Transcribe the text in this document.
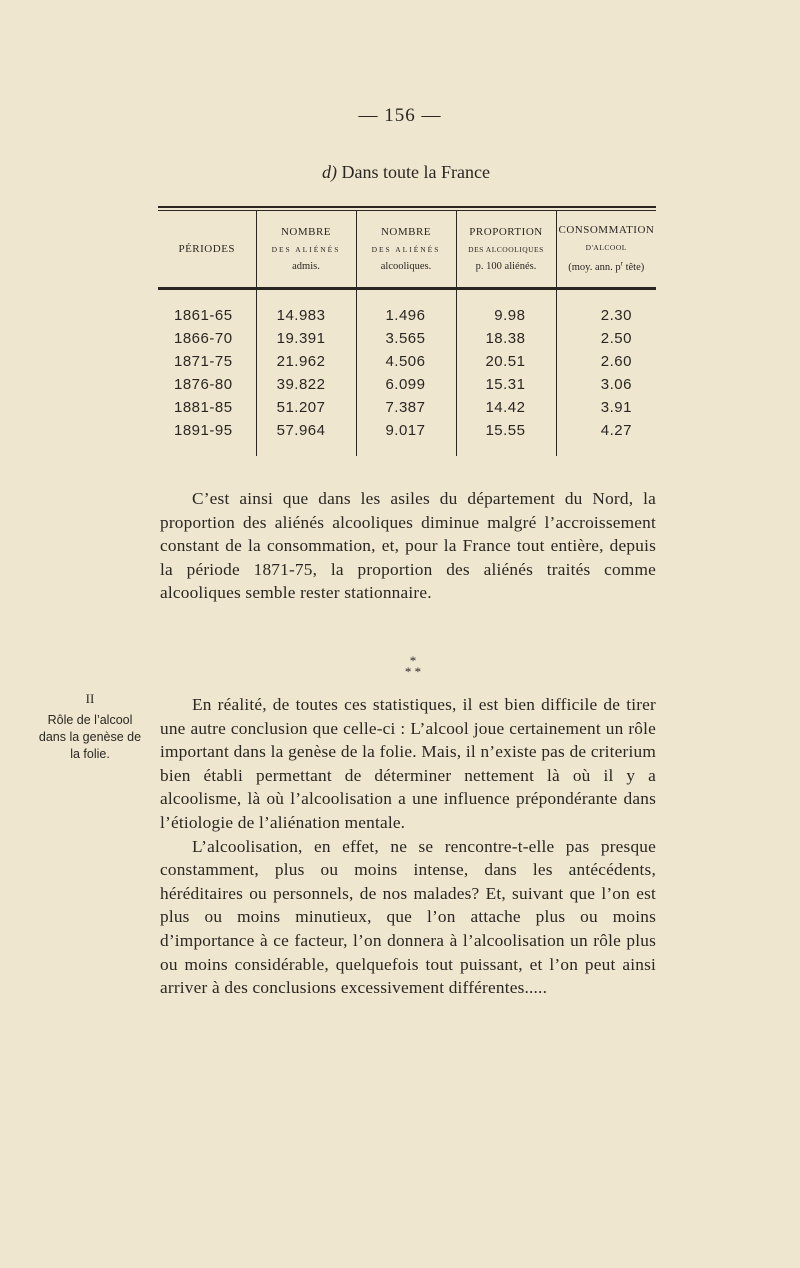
— 156 —
d) Dans toute la France
PÉRIODES	NOMBRE
DES ALIÉNÉS
admis.	NOMBRE
DES ALIÉNÉS
alcooliques.	PROPORTION
DES ALCOOLIQUES
p. 100 aliénés.	CONSOMMATION
D'ALCOOL
(moy. ann. $p^r$ tête)

1861-65	14.983	1.496	9.98	2.30
1866-70	19.391	3.565	18.38	2.50
1871-75	21.962	4.506	20.51	2.60
1876-80	39.822	6.099	15.31	3.06
1881-85	51.207	7.387	14.42	3.91
1891-95	57.964	9.017	15.55	4.27

C’est ainsi que dans les asiles du département du Nord, la proportion des aliénés alcooliques diminue malgré l’accroissement constant de la consommation, et, pour la France tout entière, depuis la période 1871-75, la proportion des aliénés traités comme alcooliques semble rester stationnaire.

*
* *
II
Rôle de l’alcool dans la genèse de la folie.

En réalité, de toutes ces statistiques, il est bien difficile de tirer une autre conclusion que celle-ci : L’alcool joue certainement un rôle important dans la genèse de la folie. Mais, il n’existe pas de criterium bien établi permettant de déterminer nettement là où il y a alcoolisme, là où l’alcoolisation a une influence prépondérante dans l’étiologie de l’aliénation mentale.

L’alcoolisation, en effet, ne se rencontre-t-elle pas presque constamment, plus ou moins intense, dans les antécédents, héréditaires ou personnels, de nos malades? Et, suivant que l’on est plus ou moins minutieux, que l’on attache plus ou moins d’importance à ce facteur, l’on donnera à l’alcoolisation un rôle plus ou moins considérable, quelquefois tout puissant, et l’on peut ainsi arriver à des conclusions excessivement différentes.....
